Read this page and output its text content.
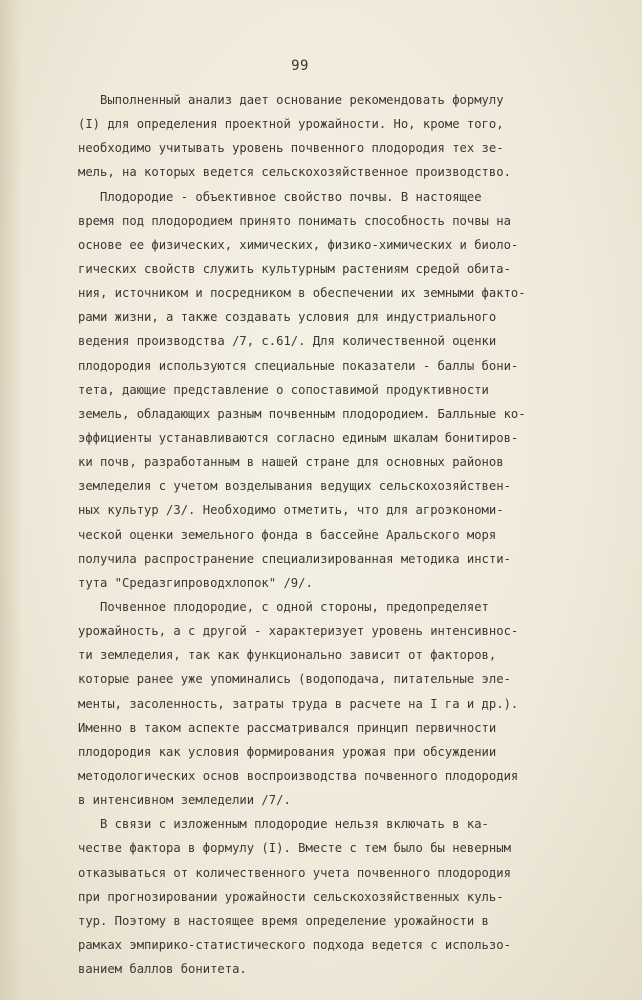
99
Выполненный анализ дает основание рекомендовать формулу
(I) для определения проектной урожайности. Но, кроме того,
необходимо учитывать уровень почвенного плодородия тех зе-
мель, на которых ведется сельскохозяйственное производство.
Плодородие - объективное свойство почвы. В настоящее
время под плодородием принято понимать способность почвы на
основе ее физических, химических, физико-химических и биоло-
гических свойств служить культурным растениям средой обита-
ния, источником и посредником в обеспечении их земными факто-
рами жизни, а также создавать условия для индустриального
ведения производства /7, с.61/. Для количественной оценки
плодородия используются специальные показатели - баллы бони-
тета, дающие представление о сопоставимой продуктивности
земель, обладающих разным почвенным плодородием. Балльные ко-
эффициенты устанавливаются согласно единым шкалам бонитиров-
ки почв, разработанным в нашей стране для основных районов
земледелия с учетом возделывания ведущих сельскохозяйствен-
ных культур /3/. Необходимо отметить, что для агроэкономи-
ческой оценки земельного фонда в бассейне Аральского моря
получила распространение специализированная методика инсти-
тута "Средазгипроводхлопок" /9/.
Почвенное плодородие, с одной стороны, предопределяет
урожайность, а с другой - характеризует уровень интенсивнос-
ти земледелия, так как функционально зависит от факторов,
которые ранее уже упоминались (водоподача, питательные эле-
менты, засоленность, затраты труда в расчете на I га и др.).
Именно в таком аспекте рассматривался принцип первичности
плодородия как условия формирования урожая при обсуждении
методологических основ воспроизводства почвенного плодородия
в интенсивном земледелии /7/.
В связи с изложенным плодородие нельзя включать в ка-
честве фактора в формулу (I). Вместе с тем было бы неверным
отказываться от количественного учета почвенного плодородия
при прогнозировании урожайности сельскохозяйственных куль-
тур. Поэтому в настоящее время определение урожайности в
рамках эмпирико-статистического подхода ведется с использо-
ванием баллов бонитета.
